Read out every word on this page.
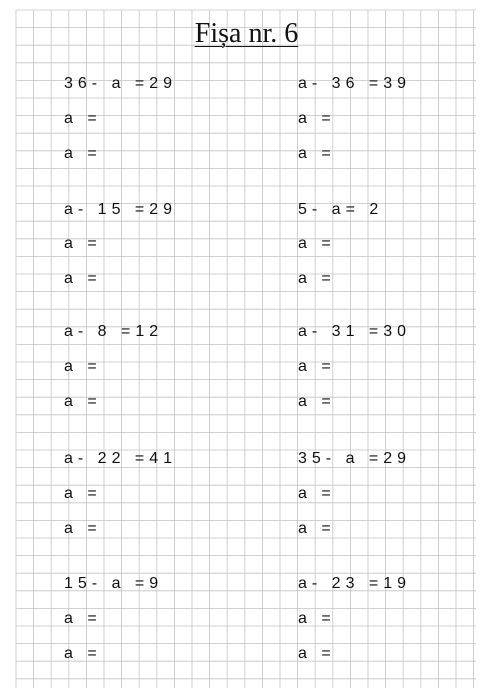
Fișa nr. 6
36- a =29
a =
a =
a- 15 =29
a =
a =
a- 8 =12
a =
a =
a- 22 =41
a =
a =
15- a =9
a =
a =
a- 36 =39
a =
a =
5- a= 2
a =
a =
a- 31 =30
a =
a =
35- a =29
a =
a =
a- 23 =19
a =
a =
